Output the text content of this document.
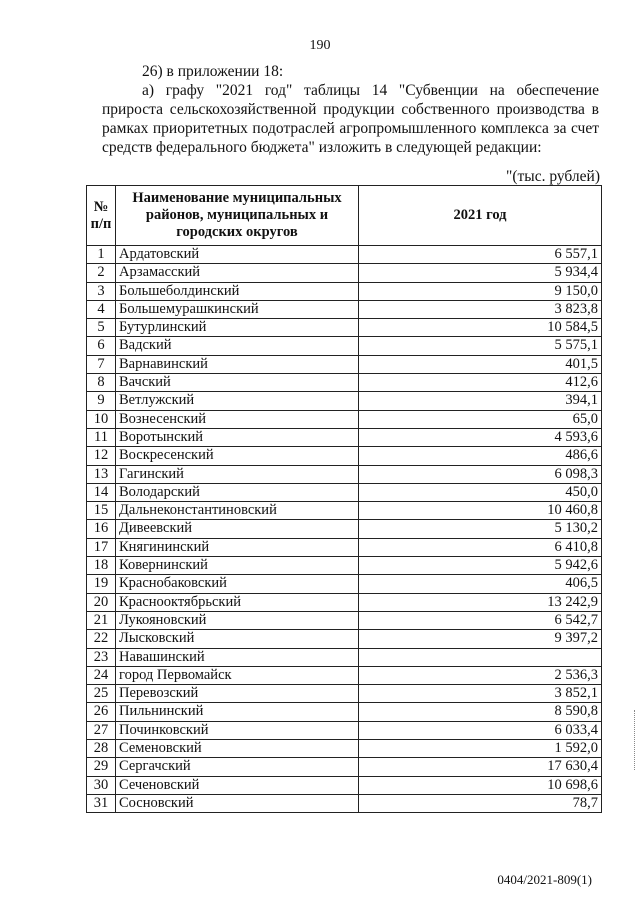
190

26) в приложении 18:

а) графу "2021 год" таблицы 14 "Субвенции на обеспечение прироста сельскохозяйственной продукции собственного производства в рамках приоритетных подотраслей агропромышленного комплекса за счет средств федерального бюджета" изложить в следующей редакции:

"(тыс. рублей)
№ п/п	Наименование муниципальных районов, муниципальных и городских округов	2021 год
1	Ардатовский	6 557,1
2	Арзамасский	5 934,4
3	Большеболдинский	9 150,0
4	Большемурашкинский	3 823,8
5	Бутурлинский	10 584,5
6	Вадский	5 575,1
7	Варнавинский	401,5
8	Вачский	412,6
9	Ветлужский	394,1
10	Вознесенский	65,0
11	Воротынский	4 593,6
12	Воскресенский	486,6
13	Гагинский	6 098,3
14	Володарский	450,0
15	Дальнеконстантиновский	10 460,8
16	Дивеевский	5 130,2
17	Княгининский	6 410,8
18	Ковернинский	5 942,6
19	Краснобаковский	406,5
20	Краснооктябрьский	13 242,9
21	Лукояновский	6 542,7
22	Лысковский	9 397,2
23	Навашинский	
24	город Первомайск	2 536,3
25	Перевозский	3 852,1
26	Пильнинский	8 590,8
27	Починковский	6 033,4
28	Семеновский	1 592,0
29	Сергачский	17 630,4
30	Сеченовский	10 698,6
31	Сосновский	78,7
0404/2021-809(1)
